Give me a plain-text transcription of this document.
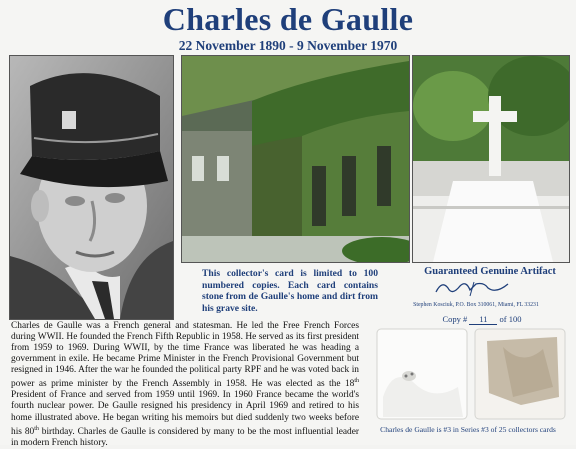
Charles de Gaulle
22 November 1890 - 9 November 1970
This collector's card is limited to 100 numbered copies. Each card contains stone from de Gaulle's home and dirt from his grave site.
Guaranteed Genuine Artifact
Stephen Kosciuk, P.O. Box 310061, Miami, FL 33231
Copy # 11 of 100
Charles de Gaulle was a French general and statesman. He led the Free French Forces during WWII. He founded the French Fifth Republic in 1958. He served as its first president from 1959 to 1969. During WWII, by the time France was liberated he was heading a government in exile. He became Prime Minister in the French Provisional Government but resigned in 1946. After the war he founded the political party RPF and he was voted back in power as prime minister by the French Assembly in 1958. He was elected as the 18th President of France and served from 1959 until 1969. In 1960 France became the world's fourth nuclear power. De Gaulle resigned his presidency in April 1969 and retired to his home illustrated above. He began writing his memoirs but died suddenly two weeks before his 80th birthday. Charles de Gaulle is considered by many to be the most influential leader in modern French history.
Charles de Gaulle is #3 in Series #3 of 25 collectors cards
